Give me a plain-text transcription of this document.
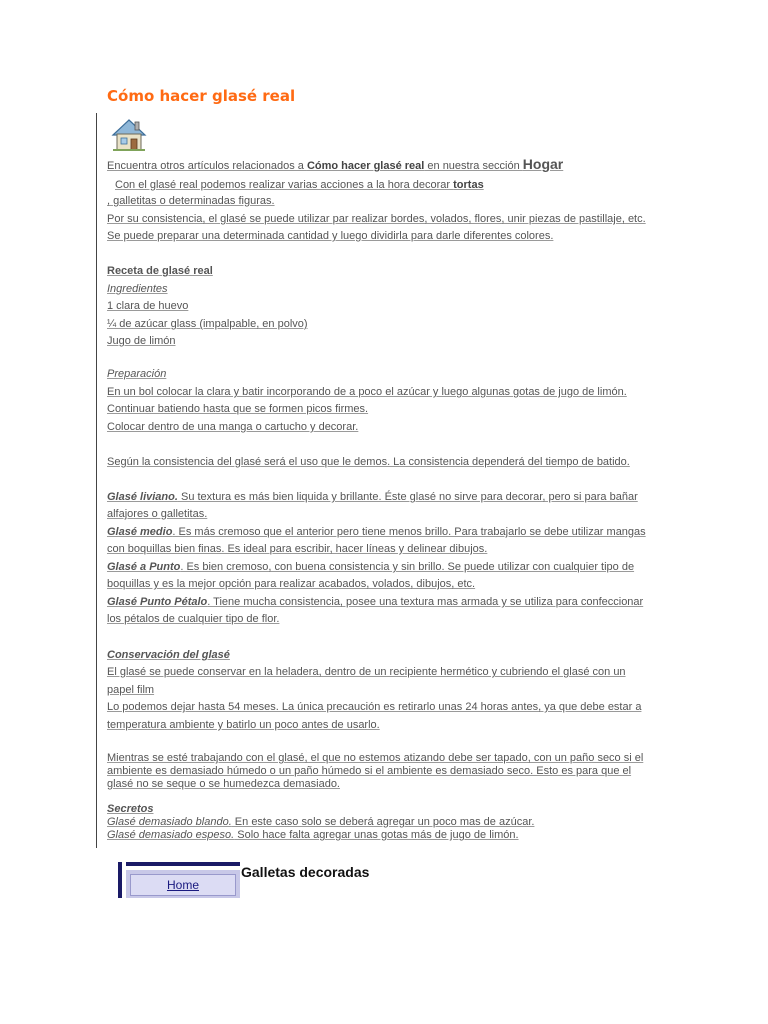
Cómo hacer glasé real
Encuentra otros artículos relacionados a Cómo hacer glasé real en nuestra sección Hogar
Con el glasé real podemos realizar varias acciones a la hora decorar tortas
, galletitas o determinadas figuras.
Por su consistencia, el glasé se puede utilizar par realizar bordes, volados, flores, unir piezas de pastillaje, etc.
Se puede preparar una determinada cantidad y luego dividirla para darle diferentes colores.
Receta de glasé real
Ingredientes
1 clara de huevo
¼ de azúcar glass (impalpable, en polvo)
Jugo de limón
Preparación
En un bol colocar la clara y batir incorporando de a poco el azúcar y luego algunas gotas de jugo de limón.
Continuar batiendo hasta que se formen picos firmes.
Colocar dentro de una manga o cartucho y decorar.
Según la consistencia del glasé será el uso que le demos. La consistencia dependerá del tiempo de batido.
Glasé liviano. Su textura es más bien liquida y brillante. Éste glasé no sirve para decorar, pero si para bañar
alfajores o galletitas.
Glasé medio. Es más cremoso que el anterior pero tiene menos brillo. Para trabajarlo se debe utilizar mangas
con boquillas bien finas. Es ideal para escribir, hacer líneas y delinear dibujos.
Glasé a Punto. Es bien cremoso, con buena consistencia y sin brillo. Se puede utilizar con cualquier tipo de
boquillas y es la mejor opción para realizar acabados, volados, dibujos, etc.
Glasé Punto Pétalo. Tiene mucha consistencia, posee una textura mas armada y se utiliza para confeccionar
los pétalos de cualquier tipo de flor.
Conservación del glasé
El glasé se puede conservar en la heladera, dentro de un recipiente hermético y cubriendo el glasé con un
papel film
Lo podemos dejar hasta 54 meses. La única precaución es retirarlo unas 24 horas antes, ya que debe estar a
temperatura ambiente y batirlo un poco antes de usarlo.
Mientras se esté trabajando con el glasé, el que no estemos atizando debe ser tapado, con un paño seco si el
ambiente es demasiado húmedo o un paño húmedo si el ambiente es demasiado seco. Esto es para que el
glasé no se seque o se humedezca demasiado.
Secretos
Glasé demasiado blando. En este caso solo se deberá agregar un poco mas de azúcar.
Glasé demasiado espeso. Solo hace falta agregar unas gotas más de jugo de limón.
Home
Galletas decoradas
